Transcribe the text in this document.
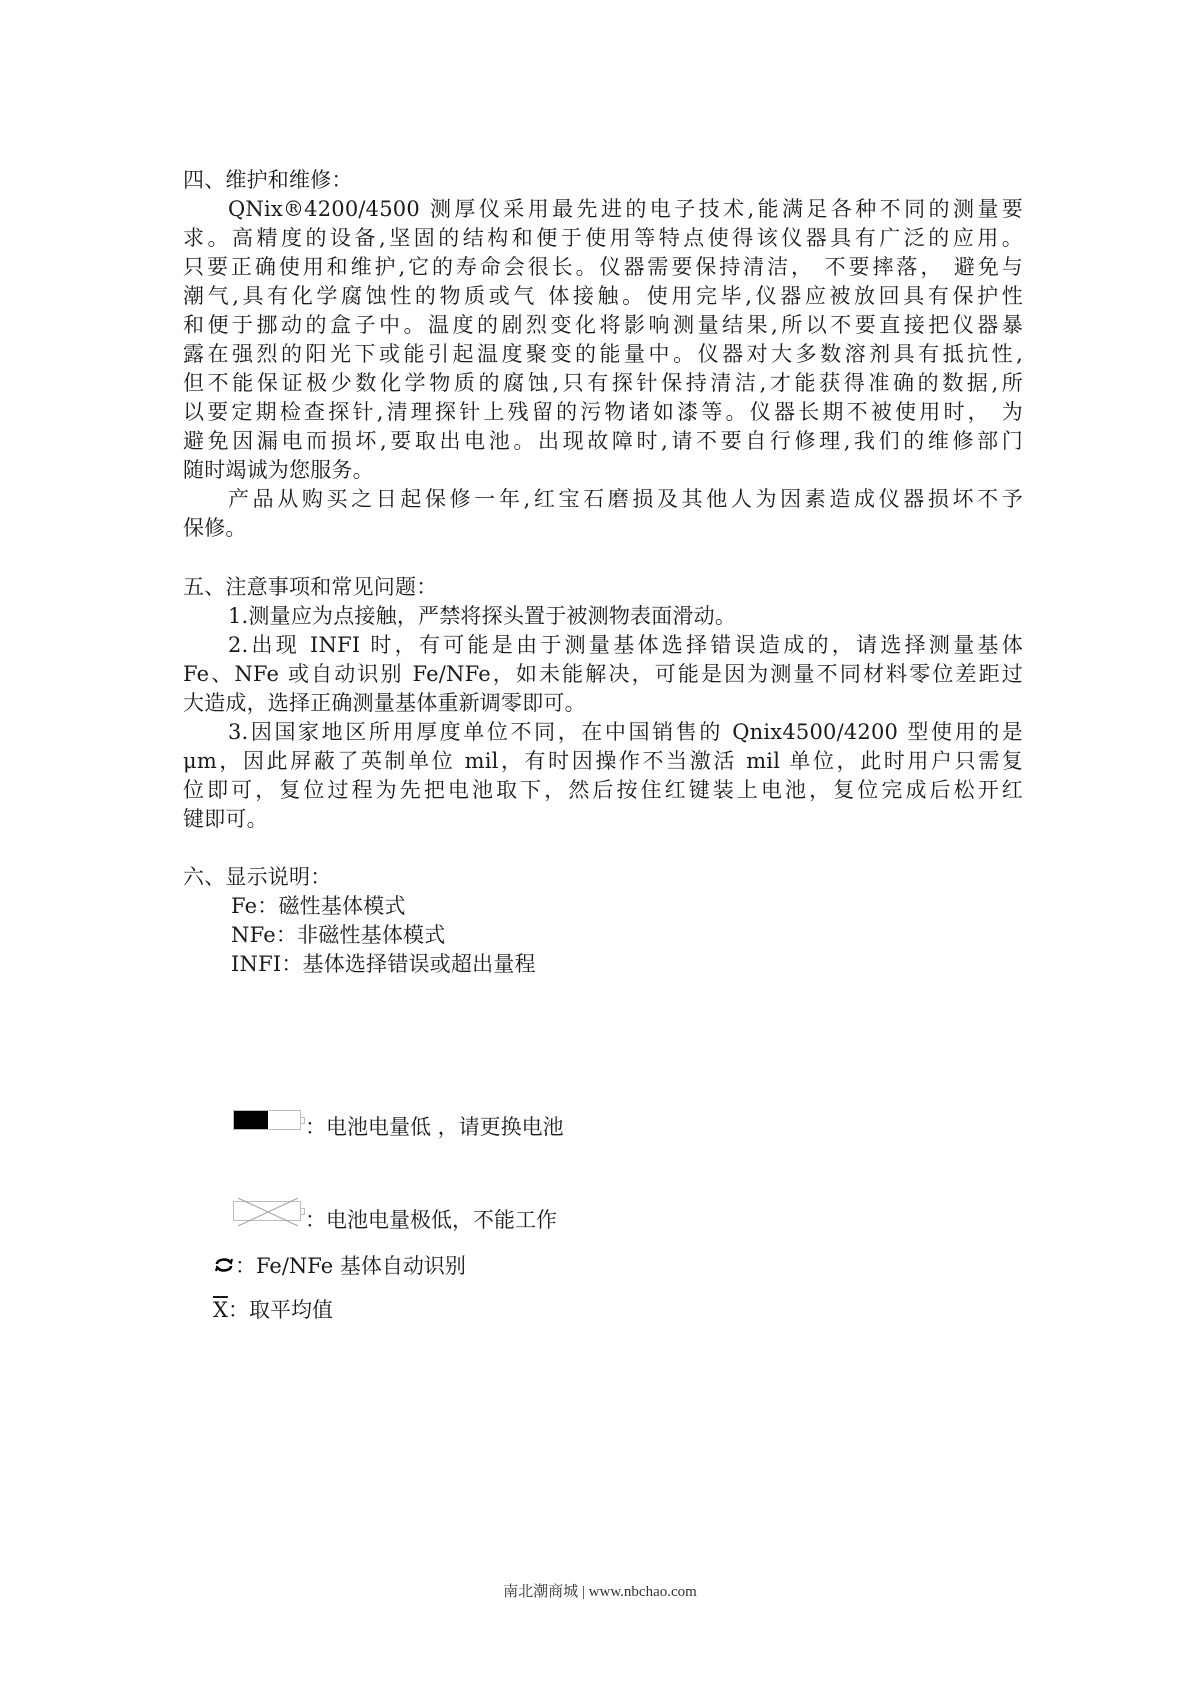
四、维护和维修：
QNix®4200/4500 测厚仪采用最先进的电子技术,能满足各种不同的测量要
求。高精度的设备,坚固的结构和便于使用等特点使得该仪器具有广泛的应用。
只要正确使用和维护,它的寿命会很长。仪器需要保持清洁， 不要摔落， 避免与
潮气,具有化学腐蚀性的物质或气 体接触。使用完毕,仪器应被放回具有保护性
和便于挪动的盒子中。温度的剧烈变化将影响测量结果,所以不要直接把仪器暴
露在强烈的阳光下或能引起温度聚变的能量中。仪器对大多数溶剂具有抵抗性,
但不能保证极少数化学物质的腐蚀,只有探针保持清洁,才能获得准确的数据,所
以要定期检查探针,清理探针上残留的污物诸如漆等。仪器长期不被使用时， 为
避免因漏电而损坏,要取出电池。出现故障时,请不要自行修理,我们的维修部门
随时竭诚为您服务。
产品从购买之日起保修一年,红宝石磨损及其他人为因素造成仪器损坏不予
保修。
五、注意事项和常见问题：
1.测量应为点接触，严禁将探头置于被测物表面滑动。
2.出现 INFI 时，有可能是由于测量基体选择错误造成的，请选择测量基体
Fe、NFe 或自动识别 Fe/NFe，如未能解决，可能是因为测量不同材料零位差距过
大造成，选择正确测量基体重新调零即可。
3.因国家地区所用厚度单位不同，在中国销售的 Qnix4500/4200 型使用的是
μm，因此屏蔽了英制单位 mil，有时因操作不当激活 mil 单位，此时用户只需复
位即可，复位过程为先把电池取下，然后按住红键装上电池，复位完成后松开红
键即可。
六、显示说明：
Fe：磁性基体模式
NFe：非磁性基体模式
INFI：基体选择错误或超出量程
： 电池电量低 ，请更换电池
： 电池电量极低，不能工作
：Fe/NFe 基体自动识别
$\overline{X}$ ：取平均值
南北潮商城 | www.nbchao.com
